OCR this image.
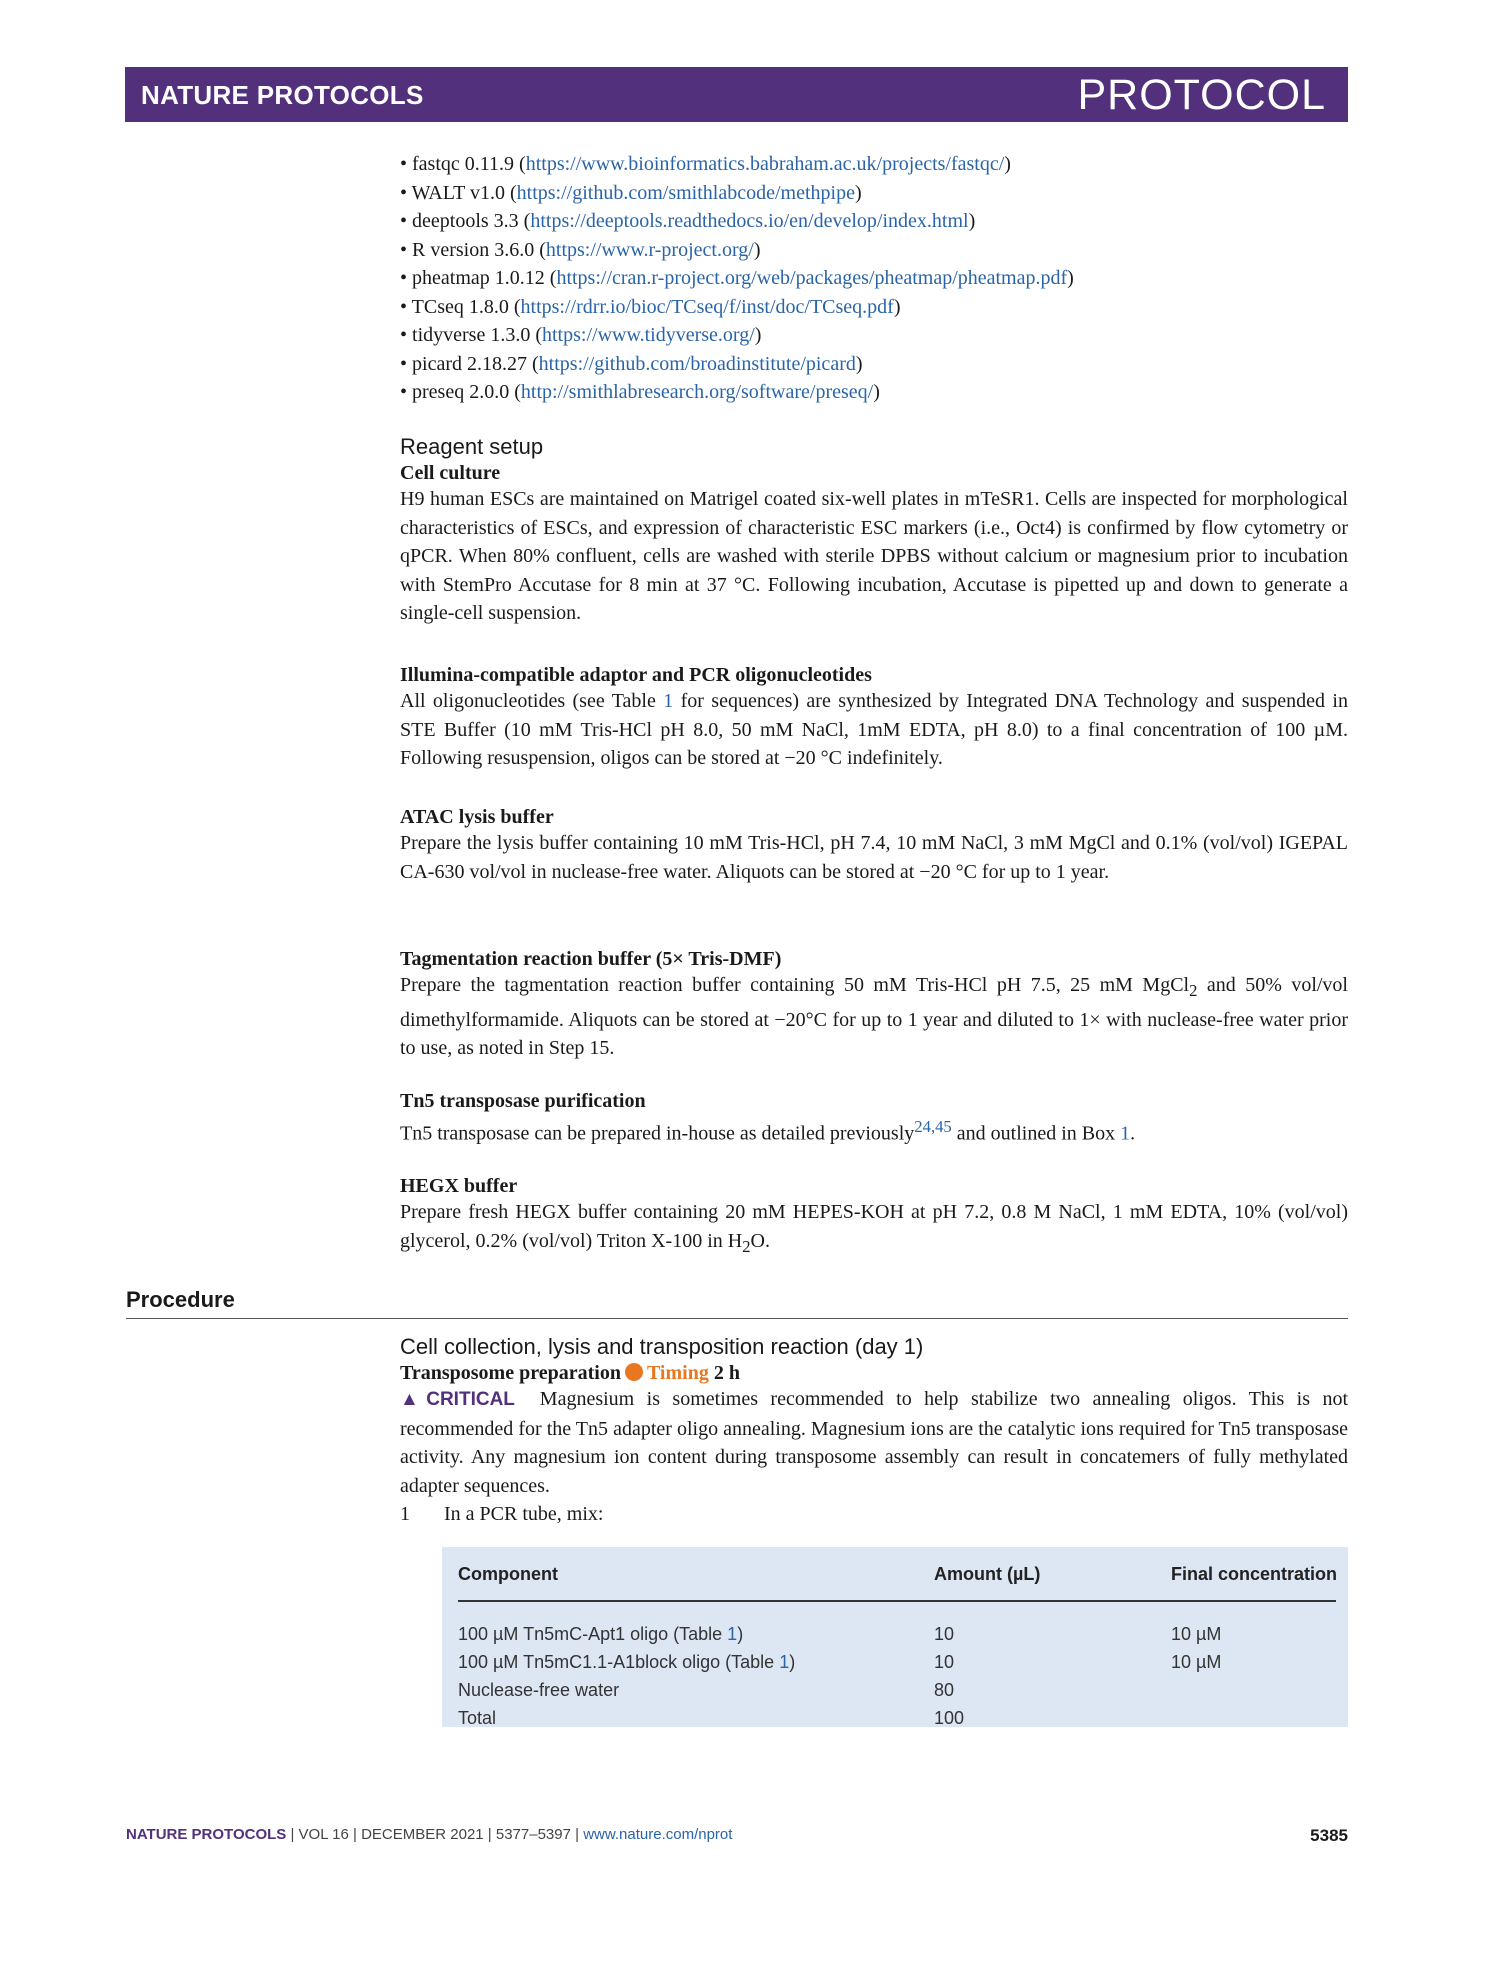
NATURE PROTOCOLS	PROTOCOL
• fastqc 0.11.9 (https://www.bioinformatics.babraham.ac.uk/projects/fastqc/)
• WALT v1.0 (https://github.com/smithlabcode/methpipe)
• deeptools 3.3 (https://deeptools.readthedocs.io/en/develop/index.html)
• R version 3.6.0 (https://www.r-project.org/)
• pheatmap 1.0.12 (https://cran.r-project.org/web/packages/pheatmap/pheatmap.pdf)
• TCseq 1.8.0 (https://rdrr.io/bioc/TCseq/f/inst/doc/TCseq.pdf)
• tidyverse 1.3.0 (https://www.tidyverse.org/)
• picard 2.18.27 (https://github.com/broadinstitute/picard)
• preseq 2.0.0 (http://smithlabresearch.org/software/preseq/)
Reagent setup
Cell culture

H9 human ESCs are maintained on Matrigel coated six-well plates in mTeSR1. Cells are inspected for morphological characteristics of ESCs, and expression of characteristic ESC markers (i.e., Oct4) is confirmed by flow cytometry or qPCR. When 80% confluent, cells are washed with sterile DPBS without calcium or magnesium prior to incubation with StemPro Accutase for 8 min at 37 °C. Following incubation, Accutase is pipetted up and down to generate a single-cell suspension.

Illumina-compatible adaptor and PCR oligonucleotides

All oligonucleotides (see Table 1 for sequences) are synthesized by Integrated DNA Technology and suspended in STE Buffer (10 mM Tris-HCl pH 8.0, 50 mM NaCl, 1mM EDTA, pH 8.0) to a final concentration of 100 µM. Following resuspension, oligos can be stored at −20 °C indefinitely.

ATAC lysis buffer

Prepare the lysis buffer containing 10 mM Tris-HCl, pH 7.4, 10 mM NaCl, 3 mM MgCl and 0.1% (vol/vol) IGEPAL CA-630 vol/vol in nuclease-free water. Aliquots can be stored at −20 °C for up to 1 year.

Tagmentation reaction buffer (5× Tris-DMF)

Prepare the tagmentation reaction buffer containing 50 mM Tris-HCl pH 7.5, 25 mM MgCl$_2$ and 50% vol/vol dimethylformamide. Aliquots can be stored at −20°C for up to 1 year and diluted to 1× with nuclease-free water prior to use, as noted in Step 15.

Tn5 transposase purification

Tn5 transposase can be prepared in-house as detailed previously$^{24,45}$ and outlined in Box 1.

HEGX buffer

Prepare fresh HEGX buffer containing 20 mM HEPES-KOH at pH 7.2, 0.8 M NaCl, 1 mM EDTA, 10% (vol/vol) glycerol, 0.2% (vol/vol) Triton X-100 in $H_2O$.

Procedure
Cell collection, lysis and transposition reaction (day 1)
Transposome preparation Timing 2 h

▲CRITICAL Magnesium is sometimes recommended to help stabilize two annealing oligos. This is not recommended for the Tn5 adapter oligo annealing. Magnesium ions are the catalytic ions required for Tn5 transposase activity. Any magnesium ion content during transposome assembly can result in concatemers of fully methylated adapter sequences.

1 In a PCR tube, mix:

Component	Amount (µL)	Final concentration
100 µM Tn5mC-Apt1 oligo (Table 1)	10	10 µM
100 µM Tn5mC1.1-A1block oligo (Table 1)	10	10 µM
Nuclease-free water	80
Total	100
NATURE PROTOCOLS | VOL 16 | DECEMBER 2021 | 5377–5397 | www.nature.com/nprot	5385
